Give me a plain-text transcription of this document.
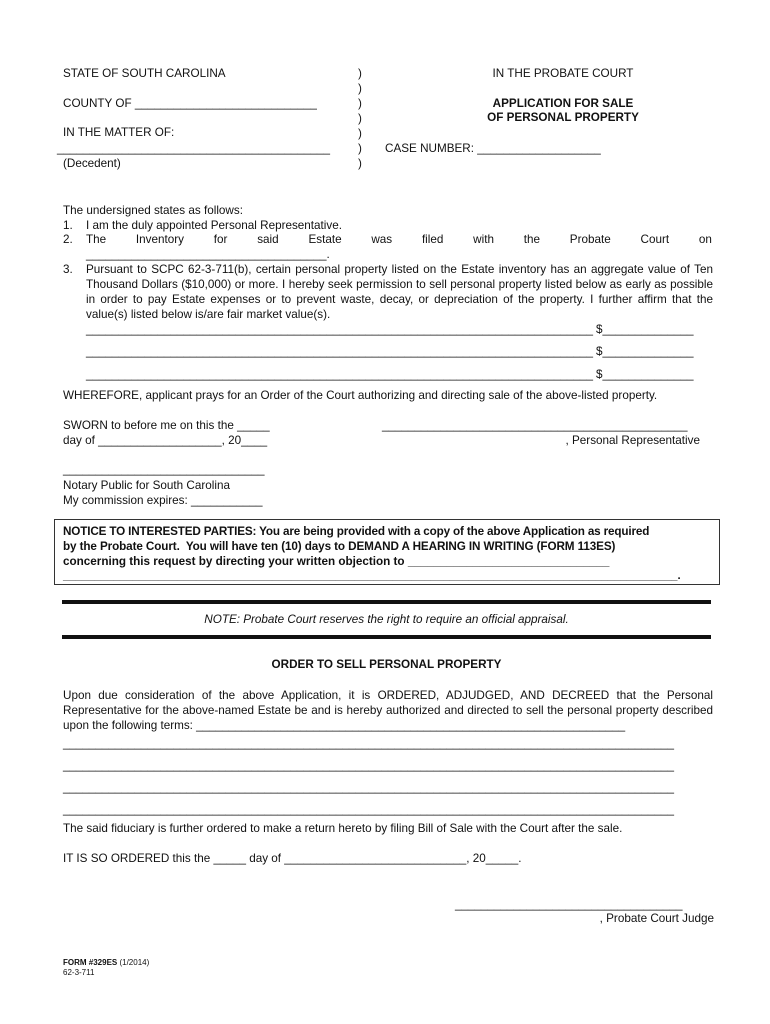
STATE OF SOUTH CAROLINA
COUNTY OF ____________________________
IN THE MATTER OF:
__________________________________________
(Decedent)
)
)
)
)
)
)
)
IN THE PROBATE COURT
APPLICATION FOR SALE
OF PERSONAL PROPERTY
CASE NUMBER: ___________________
The undersigned states as follows:
1. I am the duly appointed Personal Representative.
2. The	Inventory	for	said	Estate	was	filed	with	the	Probate	Court	on
_____________________________________.
3. Pursuant to SCPC 62-3-711(b), certain personal property listed on the Estate inventory has an aggregate value of Ten Thousand Dollars ($10,000) or more. I hereby seek permission to sell personal property listed below as early as possible in order to pay Estate expenses or to prevent waste, decay, or depreciation of the property. I further affirm that the value(s) listed below is/are fair market value(s).
______________________________________________________________________________ $______________
______________________________________________________________________________ $______________
______________________________________________________________________________ $______________
WHEREFORE, applicant prays for an Order of the Court authorizing and directing sale of the above-listed property.
SWORN to before me on this the _____
day of ___________________, 20____
_______________________________________________
, Personal Representative
_______________________________
Notary Public for South Carolina
My commission expires: ___________
NOTICE TO INTERESTED PARTIES: You are being provided with a copy of the above Application as required
by the Probate Court.  You will have ten (10) days to DEMAND A HEARING IN WRITING (FORM 113ES)
concerning this request by directing your written objection to _______________________________
_________________________________________________________________________________________________.
NOTE: Probate Court reserves the right to require an official appraisal.
ORDER TO SELL PERSONAL PROPERTY
Upon due consideration of the above Application, it is ORDERED, ADJUDGED, AND DECREED that the Personal Representative for the above-named Estate be and is hereby authorized and directed to sell the personal property described upon the following terms: __________________________________________________________________
______________________________________________________________________________________________
______________________________________________________________________________________________
______________________________________________________________________________________________
______________________________________________________________________________________________
The said fiduciary is further ordered to make a return hereto by filing Bill of Sale with the Court after the sale.
IT IS SO ORDERED this the _____ day of ____________________________, 20_____.
___________________________________
, Probate Court Judge
FORM #329ES (1/2014)
62-3-711
